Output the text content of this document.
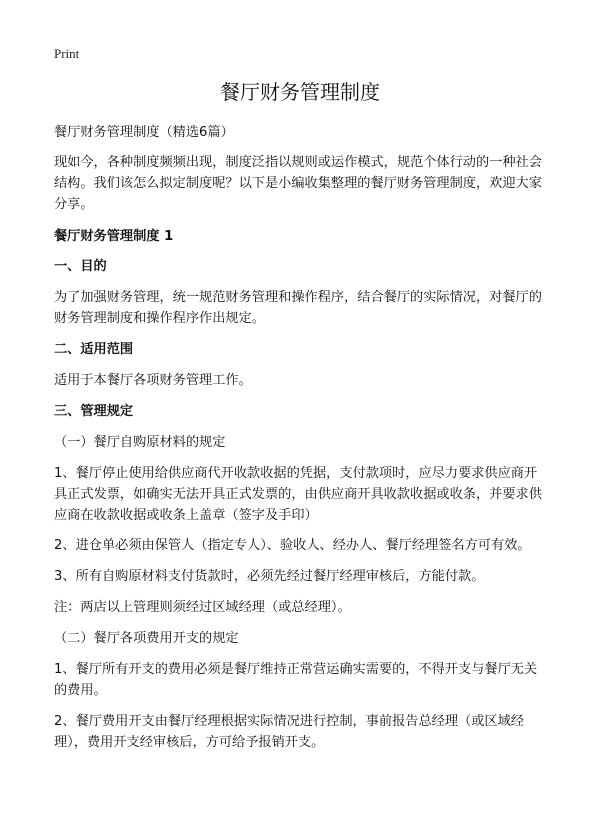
Print
餐厅财务管理制度

餐厅财务管理制度（精选6篇）

现如今，各种制度频频出现，制度泛指以规则或运作模式，规范个体行动的一种社会结构。我们该怎么拟定制度呢？以下是小编收集整理的餐厅财务管理制度，欢迎大家分享。

餐厅财务管理制度 1

一、目的

为了加强财务管理，统一规范财务管理和操作程序，结合餐厅的实际情况，对餐厅的财务管理制度和操作程序作出规定。

二、适用范围

适用于本餐厅各项财务管理工作。

三、管理规定

（一）餐厅自购原材料的规定

1、餐厅停止使用给供应商代开收款收据的凭据，支付款项时，应尽力要求供应商开具正式发票，如确实无法开具正式发票的，由供应商开具收款收据或收条，并要求供应商在收款收据或收条上盖章（签字及手印）

2、进仓单必须由保管人（指定专人）、验收人、经办人、餐厅经理签名方可有效。

3、所有自购原材料支付货款时，必须先经过餐厅经理审核后，方能付款。

注：两店以上管理则须经过区域经理（或总经理）。

（二）餐厅各项费用开支的规定

1、餐厅所有开支的费用必须是餐厅维持正常营运确实需要的，不得开支与餐厅无关的费用。

2、餐厅费用开支由餐厅经理根据实际情况进行控制，事前报告总经理（或区域经理），费用开支经审核后，方可给予报销开支。
